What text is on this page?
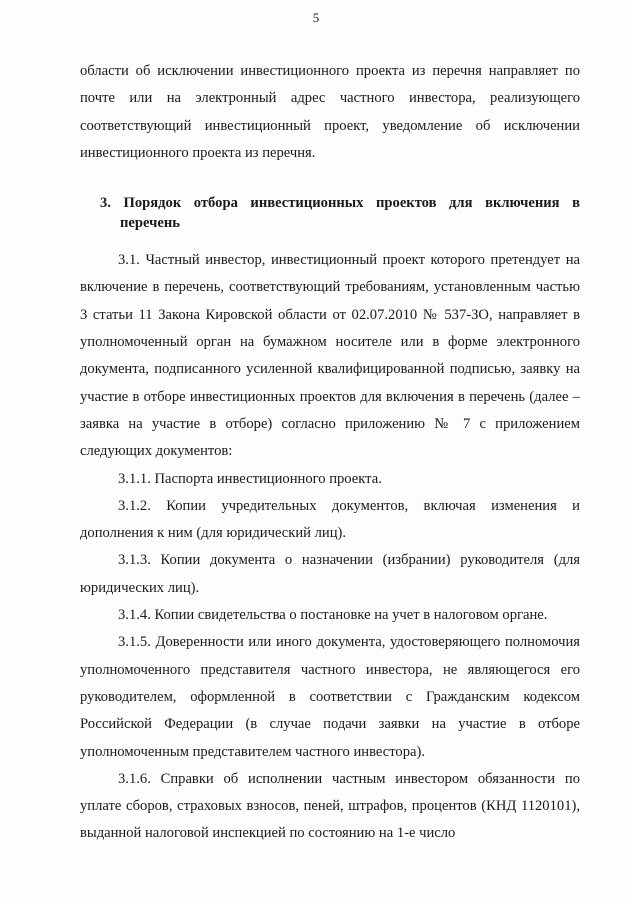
5

области об исключении инвестиционного проекта из перечня направляет по почте или на электронный адрес частного инвестора, реализующего соответствующий инвестиционный проект, уведомление об исключении инвестиционного проекта из перечня.

3. Порядок отбора инвестиционных проектов для включения в перечень

3.1. Частный инвестор, инвестиционный проект которого претендует на включение в перечень, соответствующий требованиям, установленным частью 3 статьи 11 Закона Кировской области от 02.07.2010 № 537-ЗО, направляет в уполномоченный орган на бумажном носителе или в форме электронного документа, подписанного усиленной квалифицированной подписью, заявку на участие в отборе инвестиционных проектов для включения в перечень (далее – заявка на участие в отборе) согласно приложению № 7 с приложением следующих документов:

3.1.1. Паспорта инвестиционного проекта.

3.1.2. Копии учредительных документов, включая изменения и дополнения к ним (для юридический лиц).

3.1.3. Копии документа о назначении (избрании) руководителя (для юридических лиц).

3.1.4. Копии свидетельства о постановке на учет в налоговом органе.

3.1.5. Доверенности или иного документа, удостоверяющего полномочия уполномоченного представителя частного инвестора, не являющегося его руководителем, оформленной в соответствии с Гражданским кодексом Российской Федерации (в случае подачи заявки на участие в отборе уполномоченным представителем частного инвестора).

3.1.6. Справки об исполнении частным инвестором обязанности по уплате сборов, страховых взносов, пеней, штрафов, процентов (КНД 1120101), выданной налоговой инспекцией по состоянию на 1-е число
